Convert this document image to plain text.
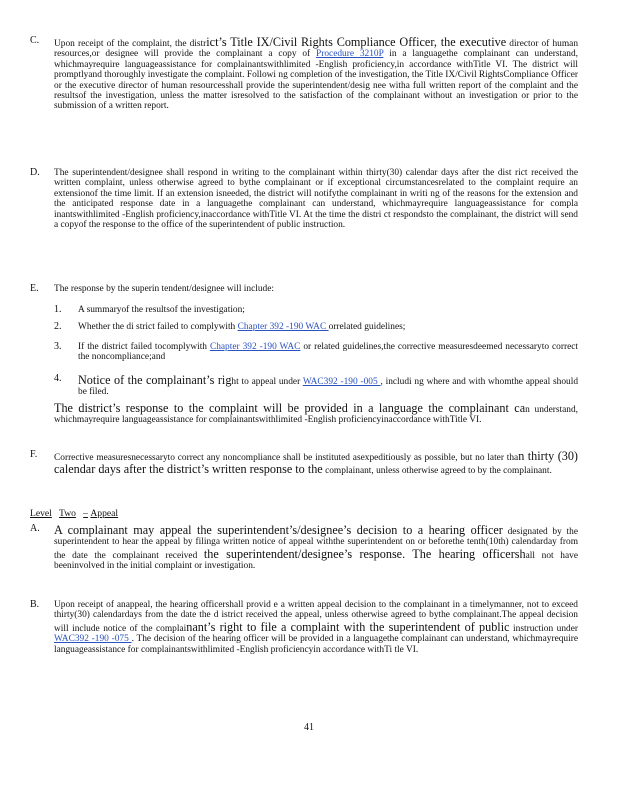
C. Upon receipt of the complaint, the district’s Title IX/Civil Rights Compliance Officer, the executive director of human resources,or designee will provide the complainant a copy of Procedure 3210P in a languagethe complainant can understand, whichmayrequire languageassistance for complainantswithlimited -English proficiency,in accordance withTitle VI. The district will promptlyand thoroughly investigate the complaint. Followi ng completion of the investigation, the Title IX/Civil RightsCompliance Officer or the executive director of human resourcesshall provide the superintendent/desig nee witha full written report of the complaint and the resultsof the investigation, unless the matter isresolved to the satisfaction of the complainant without an investigation or prior to the submission of a written report.
D. The superintendent/designee shall respond in writing to the complainant within thirty(30) calendar days after the dist rict received the written complaint, unless otherwise agreed to bythe complainant or if exceptional circumstancesrelated to the complaint require an extensionof the time limit. If an extension isneeded, the district will notifythe complainant in writi ng of the reasons for the extension and the anticipated response date in a languagethe complainant can understand, whichmayrequire languageassistance for compla inantswithlimited -English proficiency,inaccordance withTitle VI. At the time the distri ct respondsto the complainant, the district will send a copyof the response to the office of the superintendent of public instruction.
E. The response by the superin tendent/designee will include:
1. A summaryof the resultsof the investigation;
2. Whether the di strict failed to complywith Chapter 392 -190 WAC orrelated guidelines;
3. If the district failed tocomplywith Chapter 392 -190 WAC or related guidelines,the corrective measuresdeemed necessaryto correct the noncompliance;and
4. Notice of the complainant’s right to appeal under WAC392 -190 -005 , includi ng where and with whomthe appeal should be filed.
The district’s response to the complaint will be provided in a language the complainant can understand, whichmayrequire languageassistance for complainantswithlimited -English proficiencyinaccordance withTitle VI.
F. Corrective measuresnecessaryto correct any noncompliance shall be instituted asexpeditiously as possible, but no later than thirty (30) calendar days after the district’s written response to the complainant, unless otherwise agreed to by the complainant.
Level Two – Appeal
A. A complainant may appeal the superintendent’s/designee’s decision to a hearing officer designated by the superintendent to hear the appeal by filinga written notice of appeal withthe superintendent on or beforethe tenth(10th) calendarday from the date the complainant received the superintendent/designee’s response. The hearing officershall not have beeninvolved in the initial complaint or investigation.
B. Upon receipt of anappeal, the hearing officershall provid e a written appeal decision to the complainant in a timelymanner, not to exceed thirty(30) calendardays from the date the d istrict received the appeal, unless otherwise agreed to bythe complainant.The appeal decision will include notice of the complainant’s right to file a complaint with the superintendent of public instruction under WAC392 -190 -075 . The decision of the hearing officer will be provided in a languagethe complainant can understand, whichmayrequire languageassistance for complainantswithlimited -English proficiencyin accordance withTi tle VI.
41
